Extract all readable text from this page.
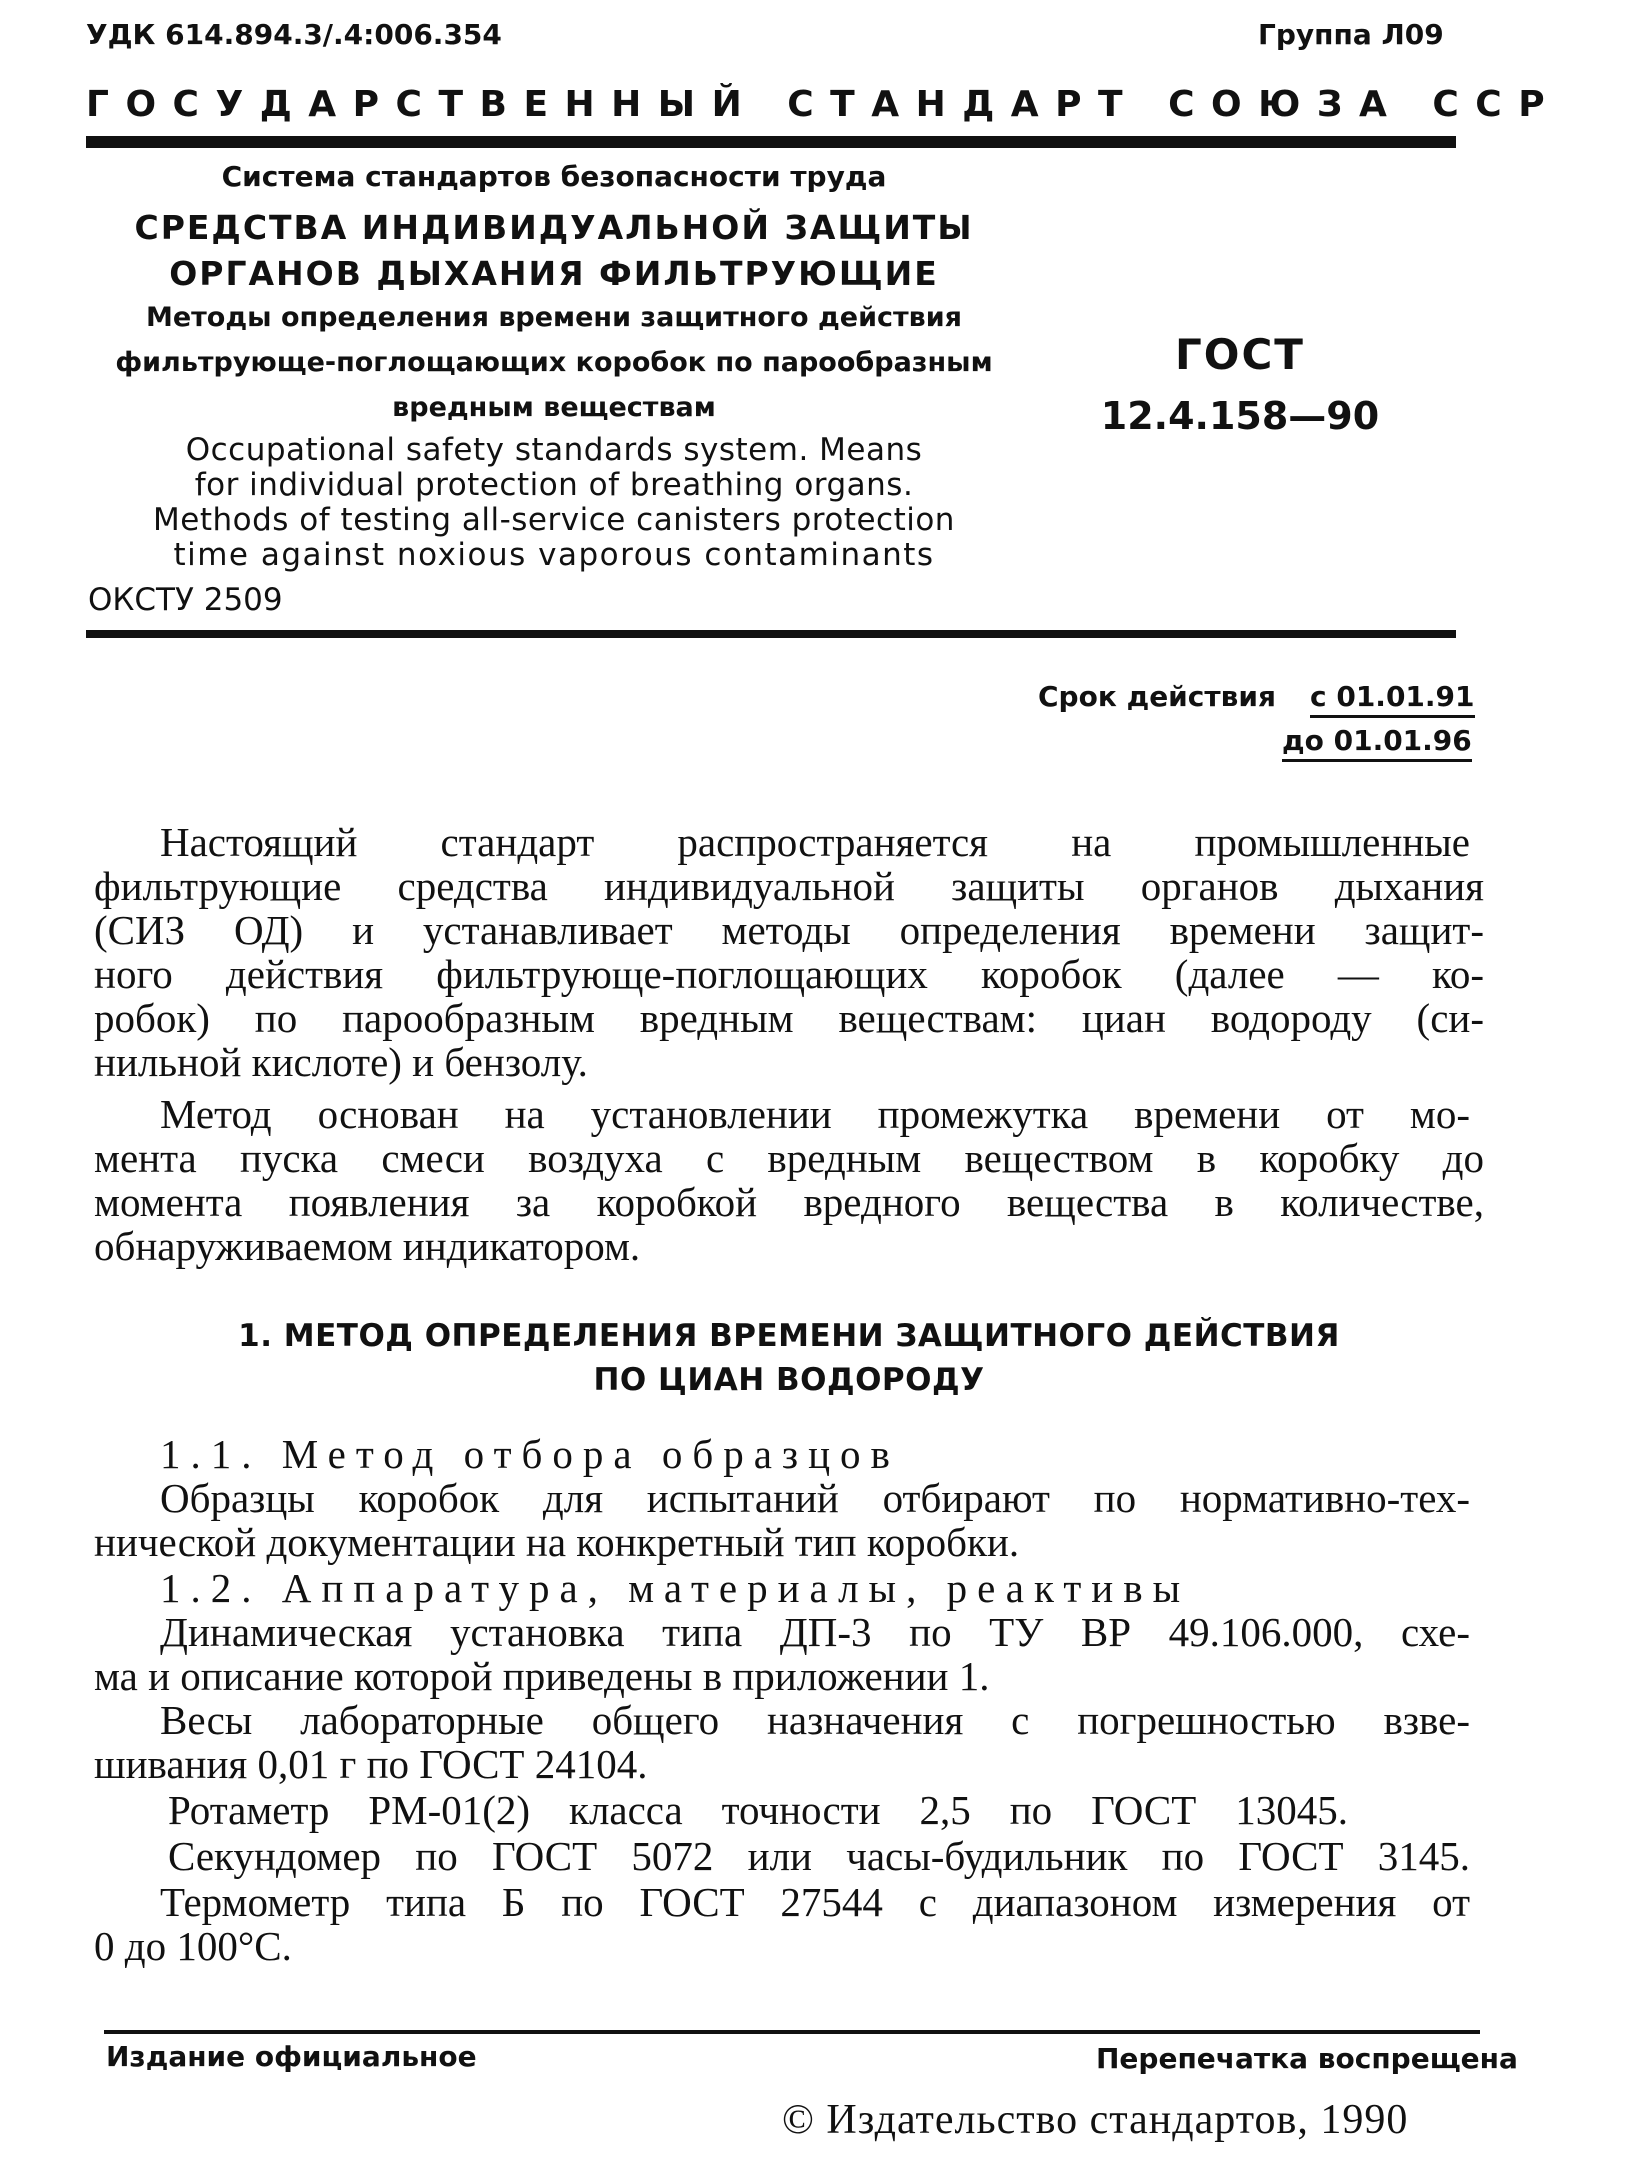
УДК 614.894.3/.4:006.354	Группа Л09
ГОСУДАРСТВЕННЫЙ СТАНДАРТ СОЮЗА ССР
Система стандартов безопасности труда
СРЕДСТВА ИНДИВИДУАЛЬНОЙ ЗАЩИТЫ
ОРГАНОВ ДЫХАНИЯ ФИЛЬТРУЮЩИЕ
Методы определения времени защитного действия
фильтрующе-поглощающих коробок по парообразным
вредным веществам
Occupational safety standards system. Means
for individual protection of breathing organs.
Methods of testing all-service canisters protection
time against noxious vaporous contaminants
ОКСТУ 2509
ГОСТ
12.4.158—90
Срок действия с 01.01.91
до 01.01.96
Настоящий стандарт распространяется на промышленные
фильтрующие средства индивидуальной защиты органов дыхания
(СИЗ ОД) и устанавливает методы определения времени защит-
ного действия фильтрующе-поглощающих коробок (далее — ко-
робок) по парообразным вредным веществам: циан водороду (си-
нильной кислоте) и бензолу.
Метод основан на установлении промежутка времени от мо-
мента пуска смеси воздуха с вредным веществом в коробку до
момента появления за коробкой вредного вещества в количестве,
обнаруживаемом индикатором.
1. МЕТОД ОПРЕДЕЛЕНИЯ ВРЕМЕНИ ЗАЩИТНОГО ДЕЙСТВИЯ
ПО ЦИАН ВОДОРОДУ
1.1. Метод отбора образцов
Образцы коробок для испытаний отбирают по нормативно-тех-
нической документации на конкретный тип коробки.
1.2. Аппаратура, материалы, реактивы
Динамическая установка типа ДП-3 по ТУ ВР 49.106.000, схе-
ма и описание которой приведены в приложении 1.
Весы лабораторные общего назначения с погрешностью взве-
шивания 0,01 г по ГОСТ 24104.
Ротаметр РМ-01(2) класса точности 2,5 по ГОСТ 13045.
Секундомер по ГОСТ 5072 или часы-будильник по ГОСТ 3145.
Термометр типа Б по ГОСТ 27544 с диапазоном измерения от
0 до 100°С.
Издание официальное	Перепечатка воспрещена
© Издательство стандартов, 1990
